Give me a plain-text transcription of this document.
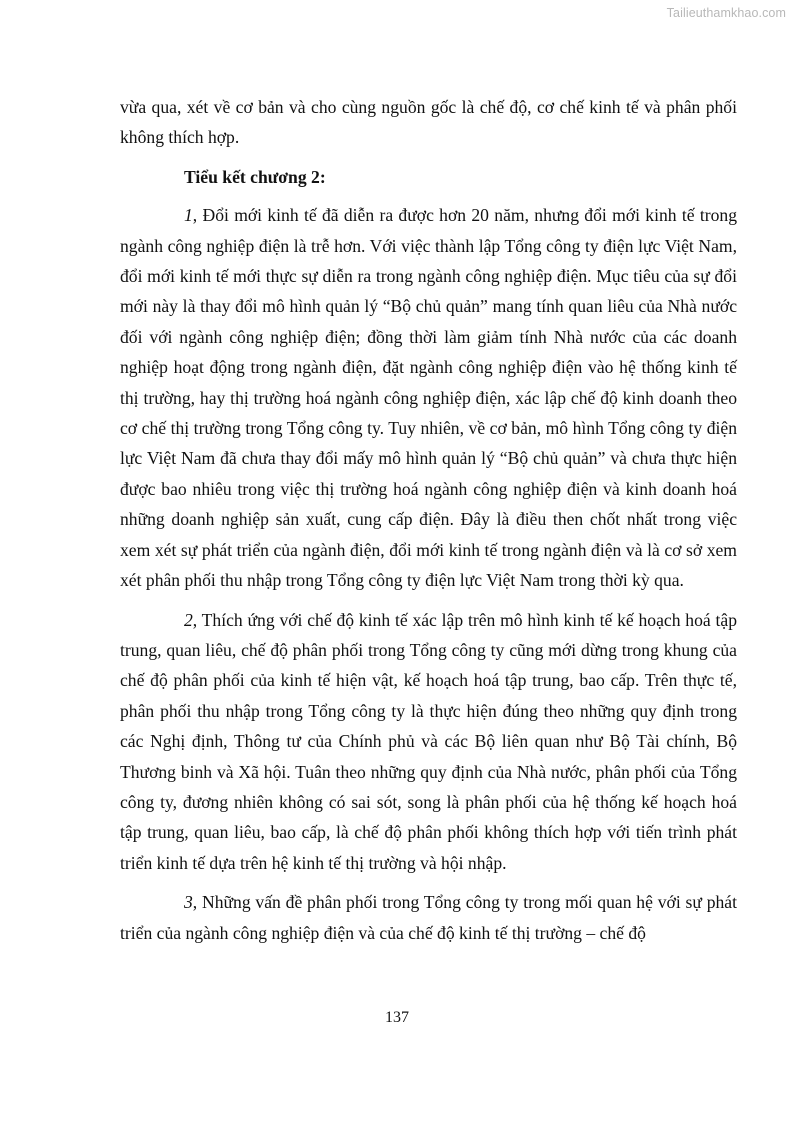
Tailieuthamkhao.com

vừa qua, xét về cơ bản và cho cùng nguồn gốc là chế độ, cơ chế kinh tế và phân phối không thích hợp.

Tiểu kết chương 2:

1, Đổi mới kinh tế đã diễn ra được hơn 20 năm, nhưng đổi mới kinh tế trong ngành công nghiệp điện là trễ hơn. Với việc thành lập Tổng công ty điện lực Việt Nam, đổi mới kinh tế mới thực sự diễn ra trong ngành công nghiệp điện. Mục tiêu của sự đổi mới này là thay đổi mô hình quản lý “Bộ chủ quản” mang tính quan liêu của Nhà nước đối với ngành công nghiệp điện; đồng thời làm giảm tính Nhà nước của các doanh nghiệp hoạt động trong ngành điện, đặt ngành công nghiệp điện vào hệ thống kinh tế thị trường, hay thị trường hoá ngành công nghiệp điện, xác lập chế độ kinh doanh theo cơ chế thị trường trong Tổng công ty. Tuy nhiên, về cơ bản, mô hình Tổng công ty điện lực Việt Nam đã chưa thay đổi mấy mô hình quản lý “Bộ chủ quản” và chưa thực hiện được bao nhiêu trong việc thị trường hoá ngành công nghiệp điện và kinh doanh hoá những doanh nghiệp sản xuất, cung cấp điện. Đây là điều then chốt nhất trong việc xem xét sự phát triển của ngành điện, đổi mới kinh tế trong ngành điện và là cơ sở xem xét phân phối thu nhập trong Tổng công ty điện lực Việt Nam trong thời kỳ qua.

2, Thích ứng với chế độ kinh tế xác lập trên mô hình kinh tế kế hoạch hoá tập trung, quan liêu, chế độ phân phối trong Tổng công ty cũng mới dừng trong khung của chế độ phân phối của kinh tế hiện vật, kế hoạch hoá tập trung, bao cấp. Trên thực tế, phân phối thu nhập trong Tổng công ty là thực hiện đúng theo những quy định trong các Nghị định, Thông tư của Chính phủ và các Bộ liên quan như Bộ Tài chính, Bộ Thương binh và Xã hội. Tuân theo những quy định của Nhà nước, phân phối của Tổng công ty, đương nhiên không có sai sót, song là phân phối của hệ thống kế hoạch hoá tập trung, quan liêu, bao cấp, là chế độ phân phối không thích hợp với tiến trình phát triển kinh tế dựa trên hệ kinh tế thị trường và hội nhập.

3, Những vấn đề phân phối trong Tổng công ty trong mối quan hệ với sự phát triển của ngành công nghiệp điện và của chế độ kinh tế thị trường – chế độ

137
